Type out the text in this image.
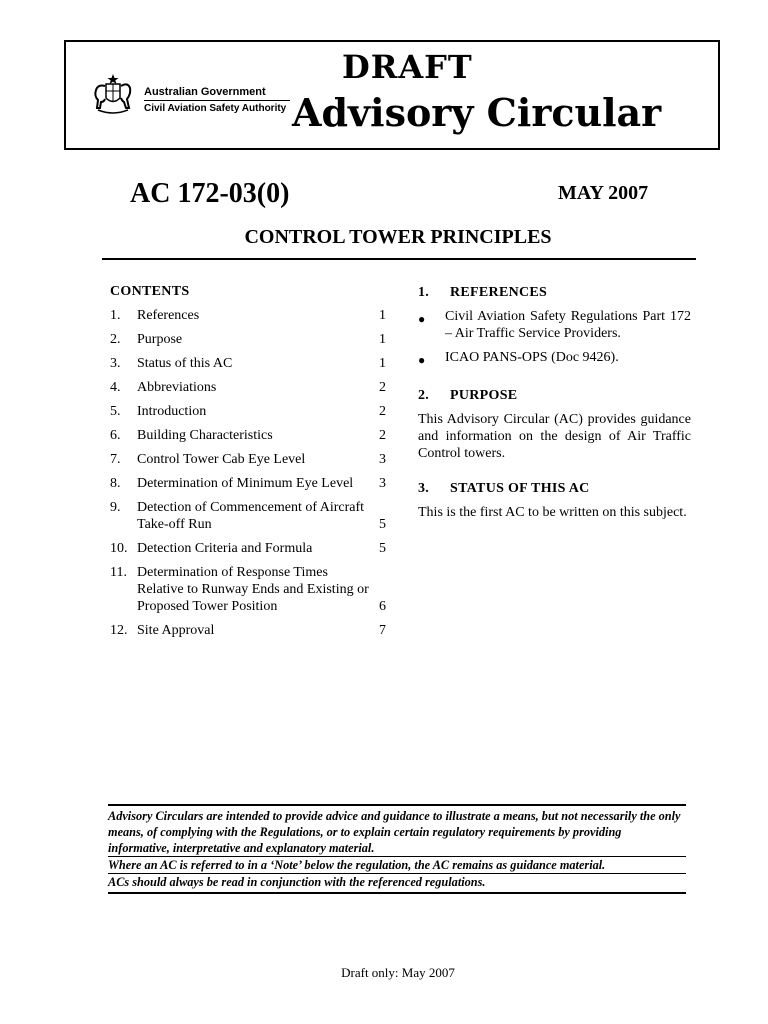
Australian Government
Civil Aviation Safety Authority
DRAFT
Advisory Circular
AC 172-03(0)	MAY 2007
CONTROL TOWER PRINCIPLES
CONTENTS
1.	References	1
2.	Purpose	1
3.	Status of this AC	1
4.	Abbreviations	2
5.	Introduction	2
6.	Building Characteristics	2
7.	Control Tower Cab Eye Level	3
8.	Determination of Minimum Eye Level	3
9.	Detection of Commencement of Aircraft Take-off Run	5
10. Detection Criteria and Formula	5
11. Determination of Response Times Relative to Runway Ends and Existing or Proposed Tower Position	6
12. Site Approval	7
1.	REFERENCES
●	Civil Aviation Safety Regulations Part 172 – Air Traffic Service Providers.
●	ICAO PANS-OPS (Doc 9426).
2.	PURPOSE
This Advisory Circular (AC) provides guidance and information on the design of Air Traffic Control towers.
3.	STATUS OF THIS AC
This is the first AC to be written on this subject.
Advisory Circulars are intended to provide advice and guidance to illustrate a means, but not necessarily the only means, of complying with the Regulations, or to explain certain regulatory requirements by providing informative, interpretative and explanatory material.
Where an AC is referred to in a ‘Note’ below the regulation, the AC remains as guidance material.
ACs should always be read in conjunction with the referenced regulations.
Draft only: May 2007
